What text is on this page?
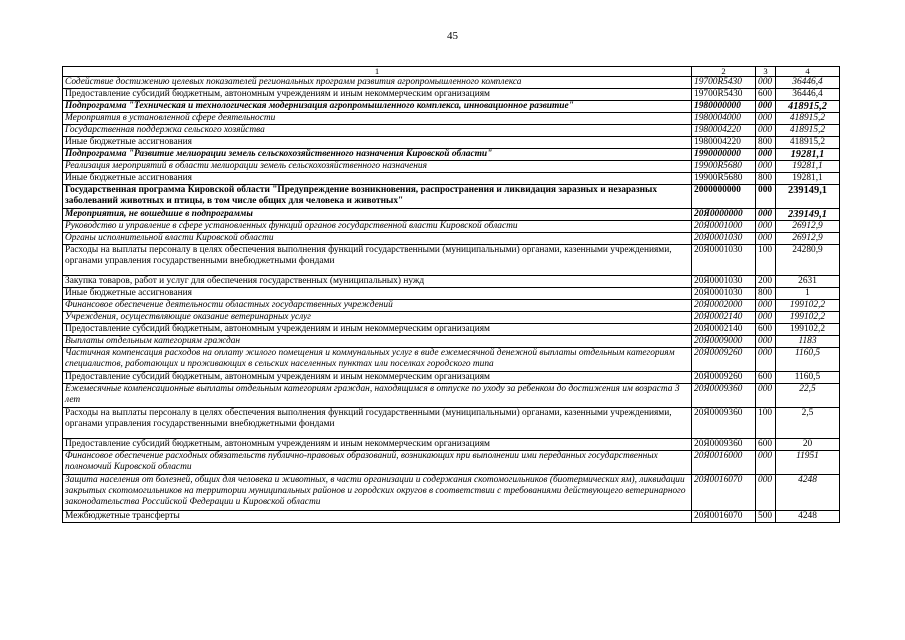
45
1	2	3	4
Содействие достижению целевых показателей региональных программ развития агропромышленного комплекса	19700R5430	000	36446,4
Предоставление субсидий бюджетным, автономным учреждениям и иным некоммерческим организациям	19700R5430	600	36446,4
Подпрограмма "Техническая и технологическая модернизация агропромышленного комплекса, инновационное развитие"	1980000000	000	418915,2
Мероприятия в установленной сфере деятельности	1980004000	000	418915,2
Государственная поддержка сельского хозяйства	1980004220	000	418915,2
Иные бюджетные ассигнования	1980004220	800	418915,2
Подпрограмма "Развитие мелиорации земель сельскохозяйственного назначения Кировской области"	1990000000	000	19281,1
Реализация мероприятий в области мелиорации земель сельскохозяйственного назначения	19900R5680	000	19281,1
Иные бюджетные ассигнования	19900R5680	800	19281,1
Государственная программа Кировской области "Предупреждение возникновения, распространения и ликвидация заразных и незаразных заболеваний животных и птицы, в том числе общих для человека и животных"	2000000000	000	239149,1
Мероприятия, не вошедшие в подпрограммы	20Я0000000	000	239149,1
Руководство и управление в сфере установленных функций органов государственной власти Кировской области	20Я0001000	000	26912,9
Органы исполнительной власти Кировской области	20Я0001030	000	26912,9
Расходы на выплаты персоналу в целях обеспечения выполнения функций государственными (муниципальными) органами, казенными учреждениями, органами управления государственными внебюджетными фондами	20Я0001030	100	24280,9
Закупка товаров, работ и услуг для обеспечения государственных (муниципальных) нужд	20Я0001030	200	2631
Иные бюджетные ассигнования	20Я0001030	800	1
Финансовое обеспечение деятельности областных государственных учреждений	20Я0002000	000	199102,2
Учреждения, осуществляющие оказание ветеринарных услуг	20Я0002140	000	199102,2
Предоставление субсидий бюджетным, автономным учреждениям и иным некоммерческим организациям	20Я0002140	600	199102,2
Выплаты отдельным категориям граждан	20Я0009000	000	1183
Частичная компенсация расходов на оплату жилого помещения и коммунальных услуг в виде ежемесячной денежной выплаты отдельным категориям специалистов, работающих и проживающих в сельских населенных пунктах или поселках городского типа	20Я0009260	000	1160,5
Предоставление субсидий бюджетным, автономным учреждениям и иным некоммерческим организациям	20Я0009260	600	1160,5
Ежемесячные компенсационные выплаты отдельным категориям граждан, находящимся в отпуске по уходу за ребенком до достижения им возраста 3 лет	20Я0009360	000	22,5
Расходы на выплаты персоналу в целях обеспечения выполнения функций государственными (муниципальными) органами, казенными учреждениями, органами управления государственными внебюджетными фондами	20Я0009360	100	2,5
Предоставление субсидий бюджетным, автономным учреждениям и иным некоммерческим организациям	20Я0009360	600	20
Финансовое обеспечение расходных обязательств публично-правовых образований, возникающих при выполнении ими переданных государственных полномочий Кировской области	20Я0016000	000	11951
Защита населения от болезней, общих для человека и животных, в части организации и содержания скотомогильников (биотермических ям), ликвидации закрытых скотомогильников на территории муниципальных районов и городских округов в соответствии с требованиями действующего ветеринарного законодательства Российской Федерации и Кировской области	20Я0016070	000	4248
Межбюджетные трансферты	20Я0016070	500	4248
